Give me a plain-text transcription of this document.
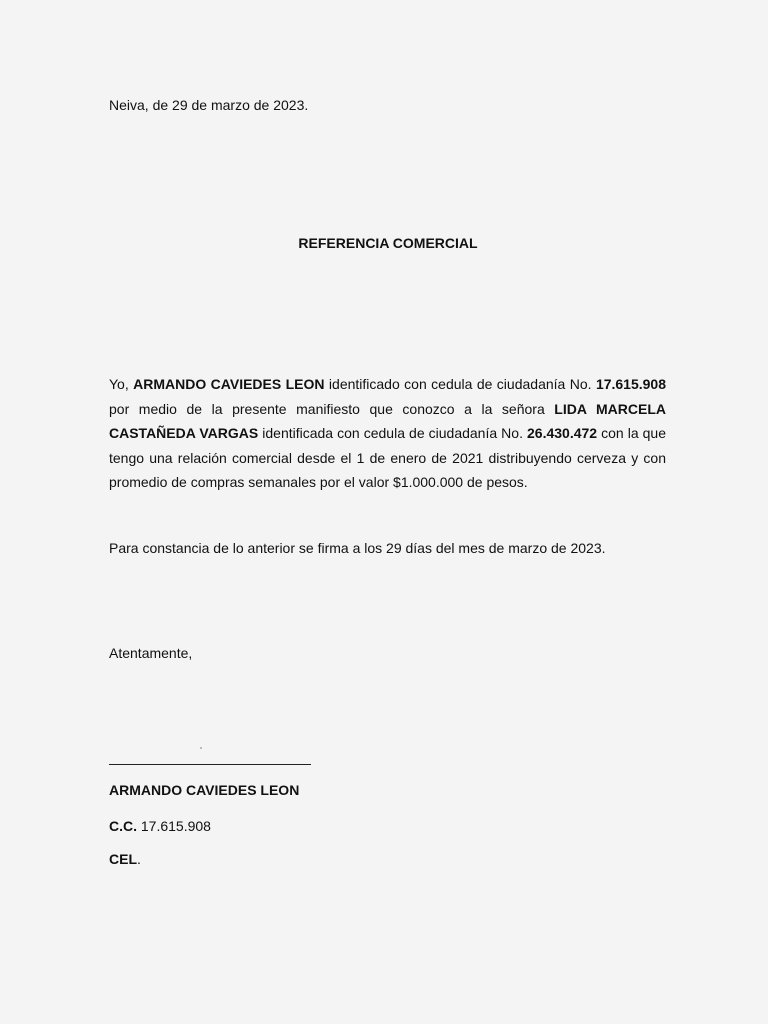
Neiva, de 29 de marzo de 2023.
REFERENCIA COMERCIAL
Yo, ARMANDO CAVIEDES LEON identificado con cedula de ciudadanía No. 17.615.908 por medio de la presente manifiesto que conozco a la señora LIDA MARCELA CASTAÑEDA VARGAS identificada con cedula de ciudadanía No. 26.430.472 con la que tengo una relación comercial desde el 1 de enero de 2021 distribuyendo cerveza y con promedio de compras semanales por el valor $1.000.000 de pesos.
Para constancia de lo anterior se firma a los 29 días del mes de marzo de 2023.
Atentamente,
ARMANDO CAVIEDES LEON
C.C. 17.615.908
CEL.
